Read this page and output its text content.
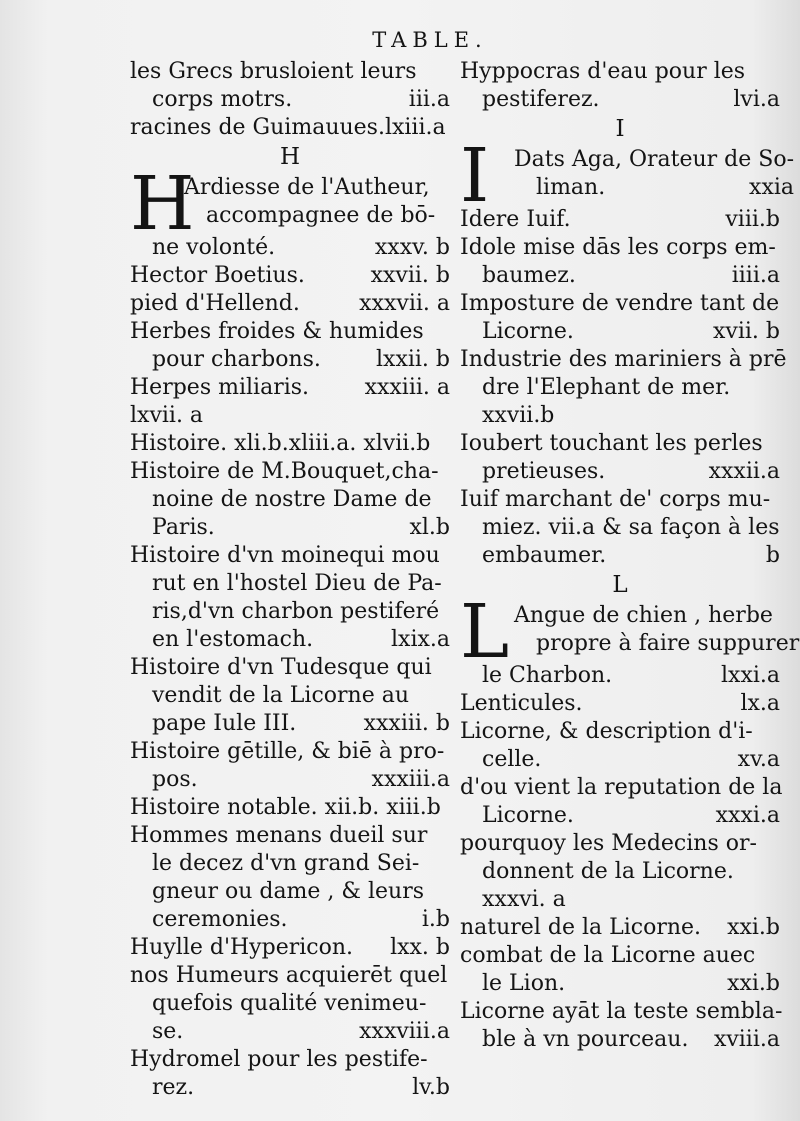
TABLE.
les Grecs brusloient leurs
corps motrs.	iii.a
racines de Guimauues.lxiii.a
H
H
Ardiesse de l'Autheur,
accompagnee de bō-
ne volonté.	xxxv. b
Hector Boetius.	xxvii. b
pied d'Hellend.	xxxvii. a
Herbes froides & humides
pour charbons.	lxxii. b
Herpes miliaris.	xxxiii. a
lxvii. a
Histoire. xli.b.xliii.a. xlvii.b
Histoire de M.Bouquet,cha-
noine de nostre Dame de
Paris.	xl.b
Histoire d'vn moinequi mou
rut en l'hostel Dieu de Pa-
ris,d'vn charbon pestiferé
en l'estomach.	lxix.a
Histoire d'vn Tudesque qui
vendit de la Licorne au
pape Iule III.	xxxiii. b
Histoire gētille, & biē à pro-
pos.	xxxiii.a
Histoire notable. xii.b. xiii.b
Hommes menans dueil sur
le decez d'vn grand Sei-
gneur ou dame , & leurs
ceremonies.	i.b
Huylle d'Hypericon. lxx. b
nos Humeurs acquierēt quel
quefois qualité venimeu-
se.	xxxviii.a
Hydromel pour les pestife-
rez.	lv.b
Hyppocras d'eau pour les
pestiferez.	lvi.a
I
I	Dats Aga, Orateur de So-
liman.	xxia
Idere Iuif.	viii.b
Idole mise dās les corps em-
baumez.	iiii.a
Imposture de vendre tant de
Licorne.	xvii. b
Industrie des mariniers à prē
dre l'Elephant de mer.
xxvii.b
Ioubert touchant les perles
pretieuses.	xxxii.a
Iuif marchant de' corps mu-
miez. vii.a & sa façon à les
embaumer.	b
L
L Angue de chien , herbe
propre à faire suppurer
le Charbon.	lxxi.a
Lenticules.	lx.a
Licorne, & description d'i-
celle.	xv.a
d'ou vient la reputation de la
Licorne.	xxxi.a
pourquoy les Medecins or-
donnent de la Licorne.
xxxvi. a
naturel de la Licorne. xxi.b
combat de la Licorne auec
le Lion.	xxi.b
Licorne ayāt la teste sembla-
ble à vn pourceau. xviii.a
